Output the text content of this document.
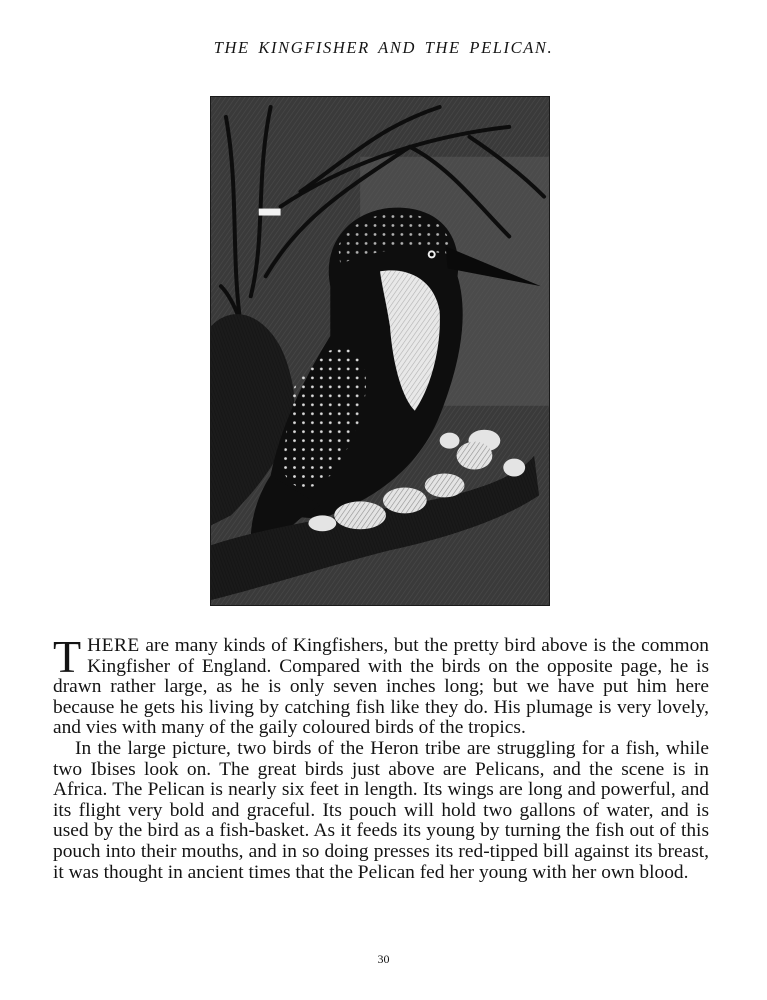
THE KINGFISHER AND THE PELICAN.

THERE are many kinds of Kingfishers, but the pretty bird above is the common Kingfisher of England. Compared with the birds on the opposite page, he is drawn rather large, as he is only seven inches long; but we have put him here because he gets his living by catching fish like they do. His plumage is very lovely, and vies with many of the gaily coloured birds of the tropics.

In the large picture, two birds of the Heron tribe are struggling for a fish, while two Ibises look on. The great birds just above are Pelicans, and the scene is in Africa. The Pelican is nearly six feet in length. Its wings are long and powerful, and its flight very bold and graceful. Its pouch will hold two gallons of water, and is used by the bird as a fish-basket. As it feeds its young by turning the fish out of this pouch into their mouths, and in so doing presses its red-tipped bill against its breast, it was thought in ancient times that the Pelican fed her young with her own blood.

30
